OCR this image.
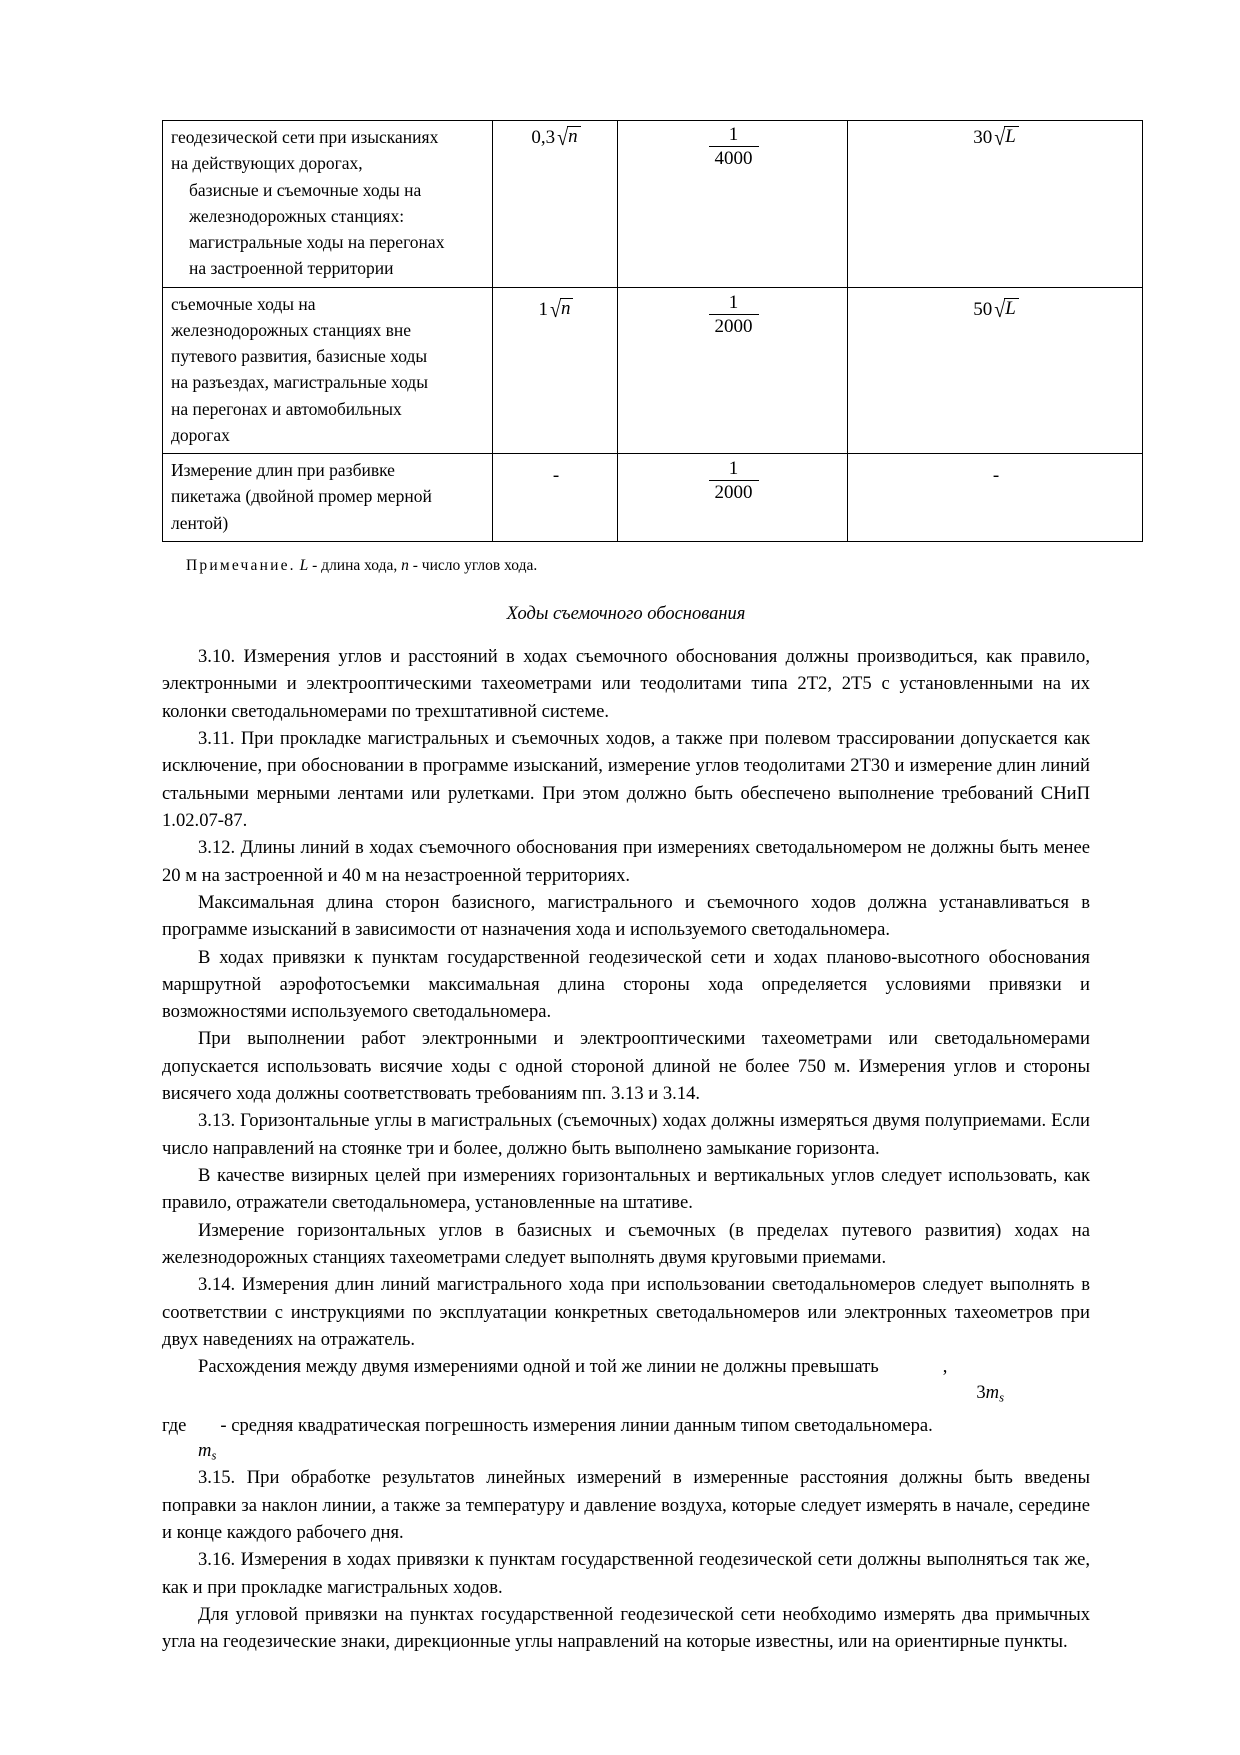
геодезической сети при изысканиях
на действующих дорогах,
базисные и съемочные ходы на
железнодорожных станциях:
магистральные ходы на перегонах
на застроенной территории
	0,3 √n	$\frac{1}{4000}$	30 √L

съемочные ходы на
железнодорожных станциях вне
путевого развития, базисные ходы
на разъездах, магистральные ходы
на перегонах и автомобильных
дорогах
	1 √n	$\frac{1}{2000}$	50 √L

Измерение длин при разбивке
пикетажа (двойной промер мерной
лентой)	-	$\frac{1}{2000}$	-
Примечание. L - длина хода, n - число углов хода.
Ходы съемочного обоснования

3.10. Измерения углов и расстояний в ходах съемочного обоснования должны производиться, как правило, электронными и электрооптическими тахеометрами или теодолитами типа 2Т2, 2Т5 с установленными на их колонки светодальномерами по трехштативной системе.

3.11. При прокладке магистральных и съемочных ходов, а также при полевом трассировании допускается как исключение, при обосновании в программе изысканий, измерение углов теодолитами 2Т30 и измерение длин линий стальными мерными лентами или рулетками. При этом должно быть обеспечено выполнение требований СНиП 1.02.07-87.

3.12. Длины линий в ходах съемочного обоснования при измерениях светодальномером не должны быть менее 20 м на застроенной и 40 м на незастроенной территориях.

Максимальная длина сторон базисного, магистрального и съемочного ходов должна устанавливаться в программе изысканий в зависимости от назначения хода и используемого светодальномера.

В ходах привязки к пунктам государственной геодезической сети и ходах планово-высотного обоснования маршрутной аэрофотосъемки максимальная длина стороны хода определяется условиями привязки и возможностями используемого светодальномера.

При выполнении работ электронными и электрооптическими тахеометрами или светодальномерами допускается использовать висячие ходы с одной стороной длиной не более 750 м. Измерения углов и стороны висячего хода должны соответствовать требованиям пп. 3.13 и 3.14.

3.13. Горизонтальные углы в магистральных (съемочных) ходах должны измеряться двумя полуприемами. Если число направлений на стоянке три и более, должно быть выполнено замыкание горизонта.

В качестве визирных целей при измерениях горизонтальных и вертикальных углов следует использовать, как правило, отражатели светодальномера, установленные на штативе.

Измерение горизонтальных углов в базисных и съемочных (в пределах путевого развития) ходах на железнодорожных станциях тахеометрами следует выполнять двумя круговыми приемами.

3.14. Измерения длин линий магистрального хода при использовании светодальномеров следует выполнять в соответствии с инструкциями по эксплуатации конкретных светодальномеров или электронных тахеометров при двух наведениях на отражатель.

Расхождения между двумя измерениями одной и той же линии не должны превышать	,

$3m_s$

где - средняя квадратическая погрешность измерения линии данным типом светодальномера.

$m_s$

3.15. При обработке результатов линейных измерений в измеренные расстояния должны быть введены поправки за наклон линии, а также за температуру и давление воздуха, которые следует измерять в начале, середине и конце каждого рабочего дня.

3.16. Измерения в ходах привязки к пунктам государственной геодезической сети должны выполняться так же, как и при прокладке магистральных ходов.

Для угловой привязки на пунктах государственной геодезической сети необходимо измерять два примычных угла на геодезические знаки, дирекционные углы направлений на которые известны, или на ориентирные пункты.
